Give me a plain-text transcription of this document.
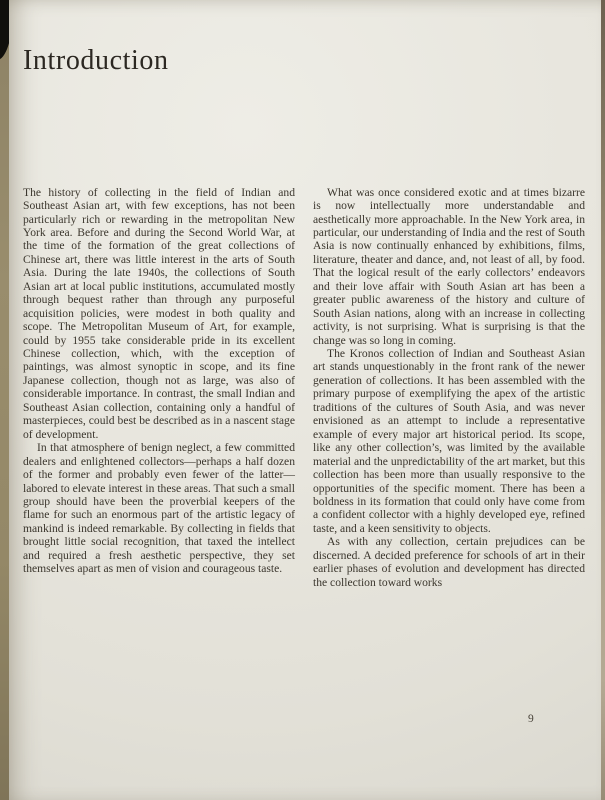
Introduction

The history of collecting in the field of Indian and Southeast Asian art, with few exceptions, has not been particularly rich or rewarding in the metropolitan New York area. Before and during the Second World War, at the time of the formation of the great collections of Chinese art, there was little interest in the arts of South Asia. During the late 1940s, the collections of South Asian art at local public institutions, accumulated mostly through bequest rather than through any purposeful acquisition policies, were modest in both quality and scope. The Metropolitan Museum of Art, for example, could by 1955 take considerable pride in its excellent Chinese collection, which, with the exception of paintings, was almost synoptic in scope, and its fine Japanese collection, though not as large, was also of considerable importance. In contrast, the small Indian and Southeast Asian collection, containing only a handful of masterpieces, could best be described as in a nascent stage of development.

In that atmosphere of benign neglect, a few committed dealers and enlightened collectors—perhaps a half dozen of the former and probably even fewer of the latter—labored to elevate interest in these areas. That such a small group should have been the proverbial keepers of the flame for such an enormous part of the artistic legacy of mankind is indeed remarkable. By collecting in fields that brought little social recognition, that taxed the intellect and required a fresh aesthetic perspective, they set themselves apart as men of vision and courageous taste.

What was once considered exotic and at times bizarre is now intellectually more understandable and aesthetically more approachable. In the New York area, in particular, our understanding of India and the rest of South Asia is now continually enhanced by exhibitions, films, literature, theater and dance, and, not least of all, by food. That the logical result of the early collectors’ endeavors and their love affair with South Asian art has been a greater public awareness of the history and culture of South Asian nations, along with an increase in collecting activity, is not surprising. What is surprising is that the change was so long in coming.

The Kronos collection of Indian and Southeast Asian art stands unquestionably in the front rank of the newer generation of collections. It has been assembled with the primary purpose of exemplifying the apex of the artistic traditions of the cultures of South Asia, and was never envisioned as an attempt to include a representative example of every major art historical period. Its scope, like any other collection’s, was limited by the available material and the unpredictability of the art market, but this collection has been more than usually responsive to the opportunities of the specific moment. There has been a boldness in its formation that could only have come from a confident collector with a highly developed eye, refined taste, and a keen sensitivity to objects.

As with any collection, certain prejudices can be discerned. A decided preference for schools of art in their earlier phases of evolution and development has directed the collection toward works

9
